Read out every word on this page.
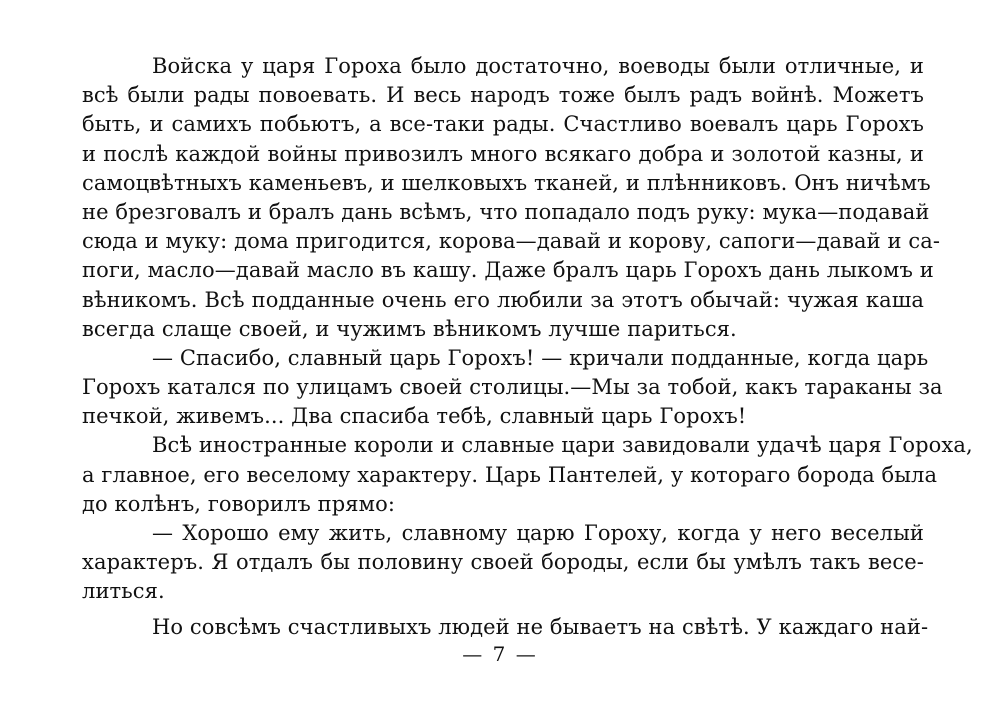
Войска у царя Гороха было достаточно, воеводы были отличные, и
всѣ были рады повоевать. И весь народъ тоже былъ радъ войнѣ. Можетъ
быть, и самихъ побьютъ, а все-таки рады. Счастливо воевалъ царь Горохъ
и послѣ каждой войны привозилъ много всякаго добра и золотой казны, и
самоцвѣтныхъ каменьевъ, и шелковыхъ тканей, и плѣнниковъ. Онъ ничѣмъ
не брезговалъ и бралъ дань всѣмъ, что попадало подъ руку: мука—подавай
сюда и муку: дома пригодится, корова—давай и корову, сапоги—давай и са-
поги, масло—давай масло въ кашу. Даже бралъ царь Горохъ дань лыкомъ и
вѣникомъ. Всѣ подданные очень его любили за этотъ обычай: чужая каша
всегда слаще своей, и чужимъ вѣникомъ лучше париться.
— Спасибо, славный царь Горохъ! — кричали подданные, когда царь
Горохъ катался по улицамъ своей столицы.—Мы за тобой, какъ тараканы за
печкой, живемъ... Два спасиба тебѣ, славный царь Горохъ!
Всѣ иностранные короли и славные цари завидовали удачѣ царя Гороха,
а главное, его веселому характеру. Царь Пантелей, у котораго борода была
до колѣнъ, говорилъ прямо:
— Хорошо ему жить, славному царю Гороху, когда у него веселый
характеръ. Я отдалъ бы половину своей бороды, если бы умѣлъ такъ весе-
литься.
Но совсѣмъ счастливыхъ людей не бываетъ на свѣтѣ. У каждаго най-
— 7 —
